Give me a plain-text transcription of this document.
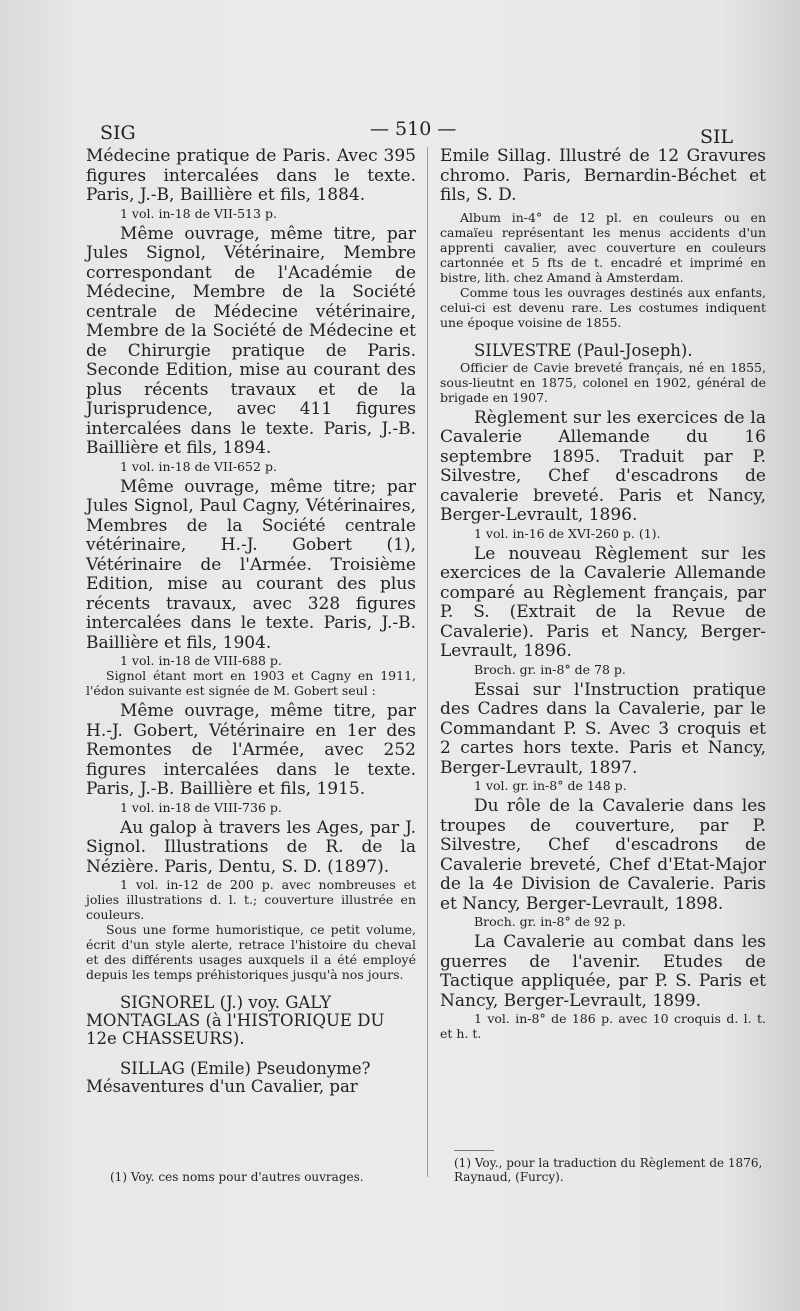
SIG	— 510 —	SIL

Médecine pratique de Paris. Avec 395 figures intercalées dans le texte. Paris, J.-B, Baillière et fils, 1884.

1 vol. in-18 de VII-513 p.

Même ouvrage, même titre, par Jules Signol, Vétérinaire, Membre correspondant de l'Académie de Médecine, Membre de la Société centrale de Médecine vétérinaire, Membre de la Société de Médecine et de Chirurgie pratique de Paris. Seconde Edition, mise au courant des plus récents travaux et de la Jurisprudence, avec 411 figures intercalées dans le texte. Paris, J.-B. Baillière et fils, 1894.

1 vol. in-18 de VII-652 p.

Même ouvrage, même titre; par Jules Signol, Paul Cagny, Vétérinaires, Membres de la Société centrale vétérinaire, H.-J. Gobert (1), Vétérinaire de l'Armée. Troisième Edition, mise au courant des plus récents travaux, avec 328 figures intercalées dans le texte. Paris, J.-B. Baillière et fils, 1904.

1 vol. in-18 de VIII-688 p.

Signol étant mort en 1903 et Cagny en 1911, l'édon suivante est signée de M. Gobert seul :

Même ouvrage, même titre, par H.-J. Gobert, Vétérinaire en 1er des Remontes de l'Armée, avec 252 figures intercalées dans le texte. Paris, J.-B. Baillière et fils, 1915.

1 vol. in-18 de VIII-736 p.

Au galop à travers les Ages, par J. Signol. Illustrations de R. de la Nézière. Paris, Dentu, S. D. (1897).

1 vol. in-12 de 200 p. avec nombreuses et jolies illustrations d. l. t.; couverture illustrée en couleurs.

Sous une forme humoristique, ce petit volume, écrit d'un style alerte, retrace l'histoire du cheval et des différents usages auxquels il a été employé depuis les temps préhistoriques jusqu'à nos jours.

SIGNOREL (J.) voy. GALY MONTAGLAS (à l'HISTORIQUE DU 12e CHASSEURS).

SILLAG (Emile) Pseudonyme? Mésaventures d'un Cavalier, par

Emile Sillag. Illustré de 12 Gravures chromo. Paris, Bernardin-Béchet et fils, S. D.

Album in-4° de 12 pl. en couleurs ou en camaïeu représentant les menus accidents d'un apprenti cavalier, avec couverture en couleurs cartonnée et 5 fts de t. encadré et imprimé en bistre, lith. chez Amand à Amsterdam.

Comme tous les ouvrages destinés aux enfants, celui-ci est devenu rare. Les costumes indiquent une époque voisine de 1855.

SILVESTRE (Paul-Joseph).

Officier de Cavie breveté français, né en 1855, sous-lieutnt en 1875, colonel en 1902, général de brigade en 1907.

Règlement sur les exercices de la Cavalerie Allemande du 16 septembre 1895. Traduit par P. Silvestre, Chef d'escadrons de cavalerie breveté. Paris et Nancy, Berger-Levrault, 1896.

1 vol. in-16 de XVI-260 p. (1).

Le nouveau Règlement sur les exercices de la Cavalerie Allemande comparé au Règlement français, par P. S. (Extrait de la Revue de Cavalerie). Paris et Nancy, Berger-Levrault, 1896.

Broch. gr. in-8° de 78 p.

Essai sur l'Instruction pratique des Cadres dans la Cavalerie, par le Commandant P. S. Avec 3 croquis et 2 cartes hors texte. Paris et Nancy, Berger-Levrault, 1897.

1 vol. gr. in-8° de 148 p.

Du rôle de la Cavalerie dans les troupes de couverture, par P. Silvestre, Chef d'escadrons de Cavalerie breveté, Chef d'Etat-Major de la 4e Division de Cavalerie. Paris et Nancy, Berger-Levrault, 1898.

Broch. gr. in-8° de 92 p.

La Cavalerie au combat dans les guerres de l'avenir. Etudes de Tactique appliquée, par P. S. Paris et Nancy, Berger-Levrault, 1899.

1 vol. in-8° de 186 p. avec 10 croquis d. l. t. et h. t.

(1) Voy. ces noms pour d'autres ouvrages.
(1) Voy., pour la traduction du Règlement de 1876, Raynaud, (Furcy).
